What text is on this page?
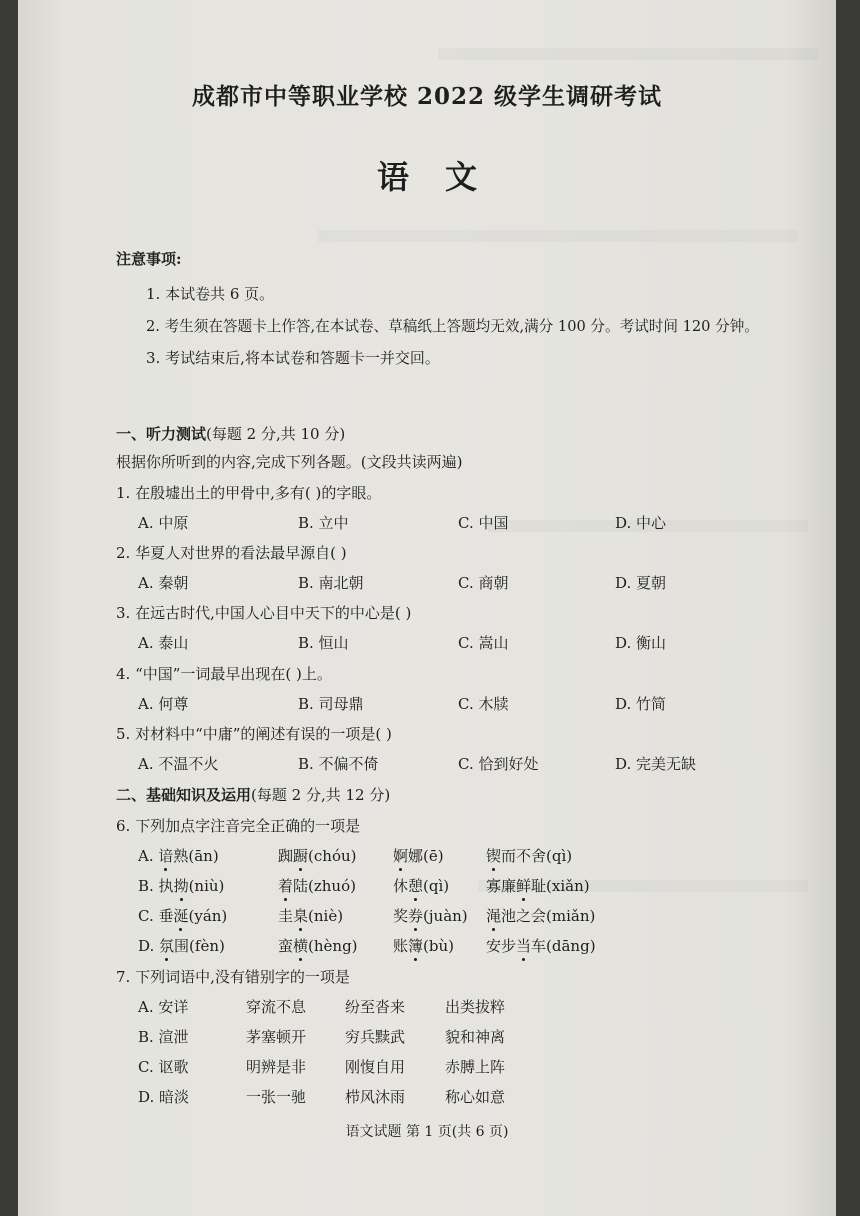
成都市中等职业学校 2022 级学生调研考试
语文
注意事项:
1. 本试卷共 6 页。
2. 考生须在答题卡上作答,在本试卷、草稿纸上答题均无效,满分 100 分。考试时间 120 分钟。
3. 考试结束后,将本试卷和答题卡一并交回。
一、听力测试(每题 2 分,共 10 分)
根据你所听到的内容,完成下列各题。(文段共读两遍)
1. 在殷墟出土的甲骨中,多有( )的字眼。
A. 中原	B. 立中	C. 中国	D. 中心
2. 华夏人对世界的看法最早源自( )
A. 秦朝	B. 南北朝	C. 商朝	D. 夏朝
3. 在远古时代,中国人心目中天下的中心是( )
A. 泰山	B. 恒山	C. 嵩山	D. 衡山
4. “中国”一词最早出现在( )上。
A. 何尊	B. 司母鼎	C. 木牍	D. 竹简
5. 对材料中“中庸”的阐述有误的一项是( )
A. 不温不火	B. 不偏不倚	C. 恰到好处	D. 完美无缺
二、基础知识及运用(每题 2 分,共 12 分)
6. 下列加点字注音完全正确的一项是
A. 谙熟(ān)	踟蹰(chóu) 婀娜(ē)	锲而不舍(qì)
B. 执拗(niù)	着陆(zhuó) 休憩(qì) 寡廉鲜耻(xiǎn)
C. 垂涎(yán)	圭臬(niè)	奖券(juàn) 渑池之会(miǎn)
D. 氛围(fèn)	蛮横(hèng) 账簿(bù) 安步当车(dāng)
7. 下列词语中,没有错别字的一项是
A. 安详	穿流不息	纷至沓来	出类拔粹
B. 渲泄	茅塞顿开	穷兵黩武	貌和神离
C. 讴歌	明辨是非	刚愎自用	赤膊上阵
D. 暗淡	一张一驰	栉风沐雨	称心如意
语文试题 第 1 页(共 6 页)
